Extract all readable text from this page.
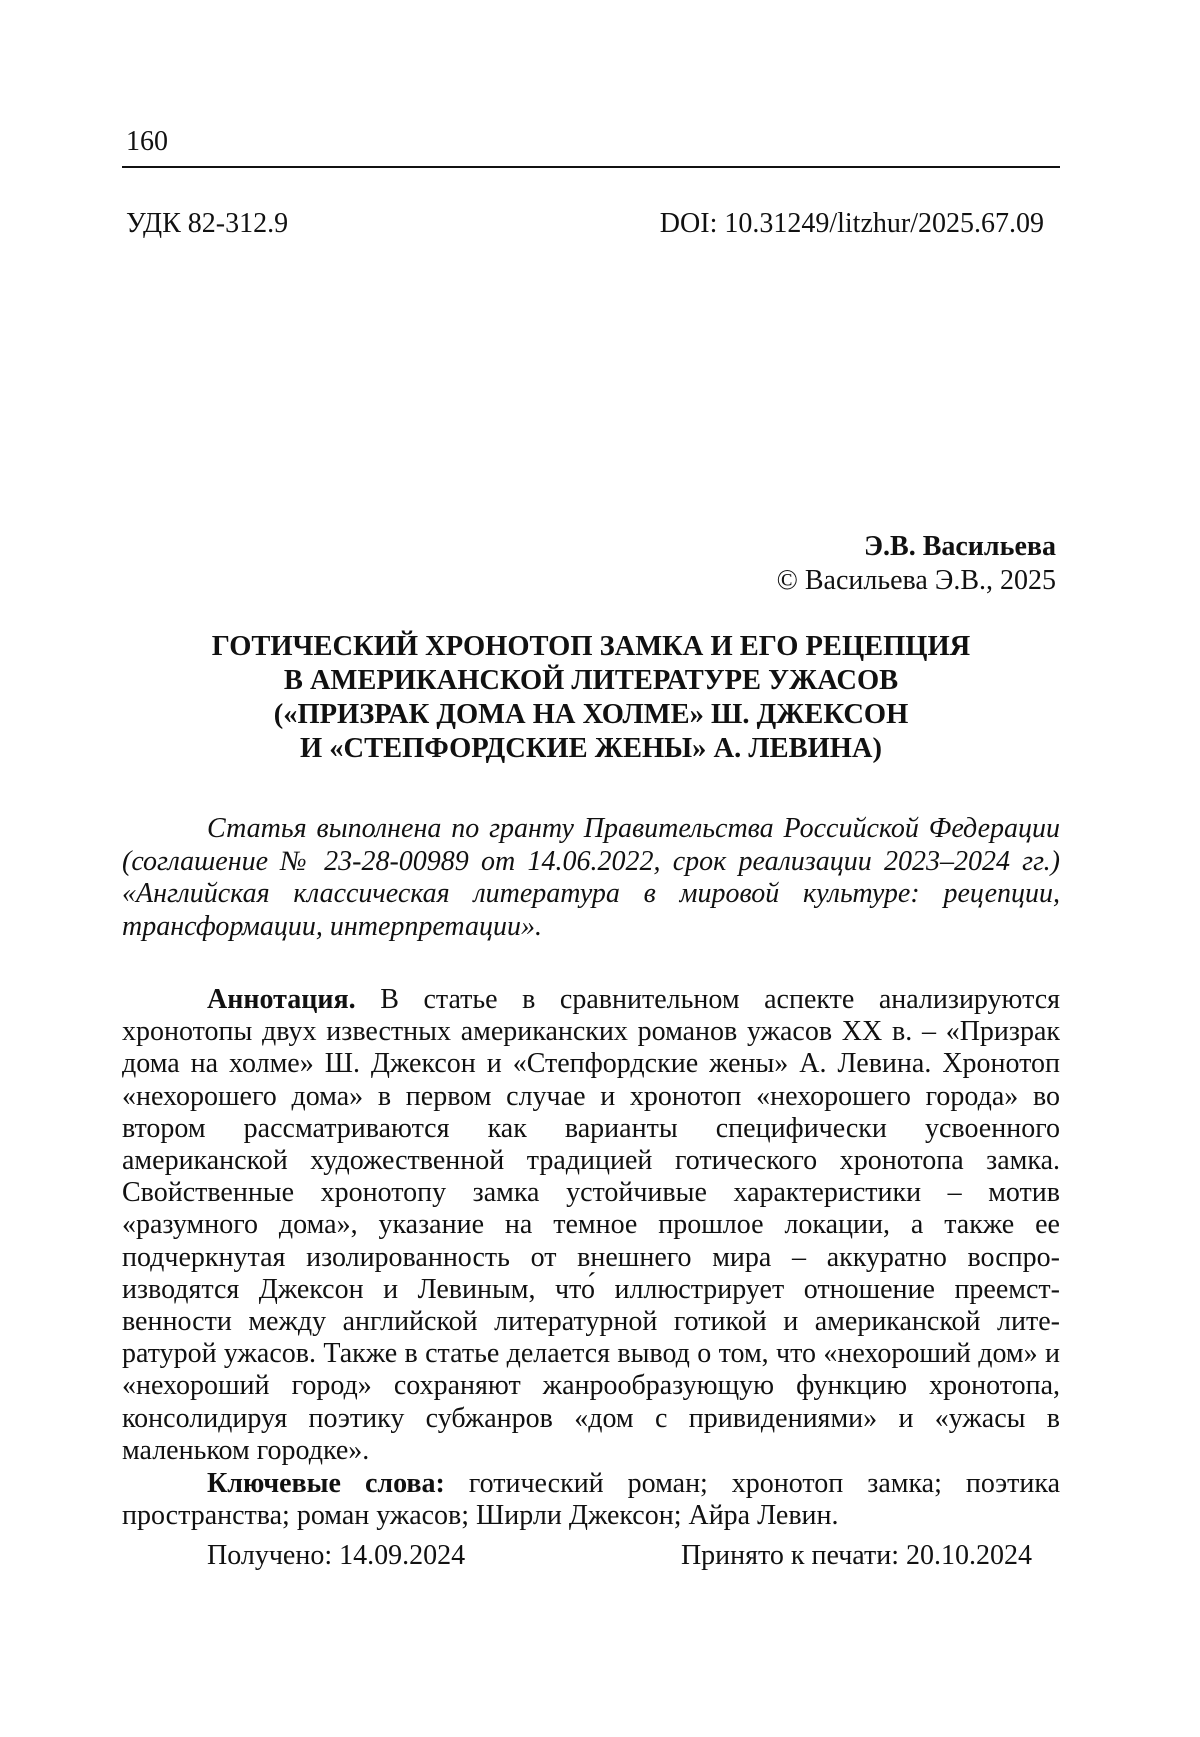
160
УДК 82-312.9	DOI: 10.31249/litzhur/2025.67.09
Э.В. Васильева
© Васильева Э.В., 2025
ГОТИЧЕСКИЙ ХРОНОТОП ЗАМКА И ЕГО РЕЦЕПЦИЯ
В АМЕРИКАНСКОЙ ЛИТЕРАТУРЕ УЖАСОВ
(«ПРИЗРАК ДОМА НА ХОЛМЕ» Ш. ДЖЕКСОН
И «СТЕПФОРДСКИЕ ЖЕНЫ» А. ЛЕВИНА)
Статья выполнена по гранту Правительства Российской Федерации (соглашение № 23-28-00989 от 14.06.2022, срок реализации 2023–2024 гг.) «Английская классическая литература в мировой культуре: рецепции, трансформации, интерпретации».
Аннотация. В статье в сравнительном аспекте анализируются хронотопы двух известных американских романов ужасов XX в. – «Призрак дома на холме» Ш. Джексон и «Степфордские жены» А. Левина. Хронотоп «нехорошего дома» в первом случае и хронотоп «нехорошего города» во втором рассматриваются как варианты специфически усвоенного американской художественной традицией готического хронотопа замка. Свойственные хронотопу замка устойчивые характеристики – мотив «разумного дома», указание на темное прошлое локации, а также ее подчеркнутая изолированность от внешнего мира – аккуратно воспроизводятся Джексон и Левиным, что́ иллюстрирует отношение преемственности между английской литературной готикой и американской литературой ужасов. Также в статье делается вывод о том, что «нехороший дом» и «нехороший город» сохраняют жанрообразующую функцию хронотопа, консолидируя поэтику субжанров «дом с привидениями» и «ужасы в маленьком городке».
Ключевые слова: готический роман; хронотоп замка; поэтика пространства; роман ужасов; Ширли Джексон; Айра Левин.
Получено: 14.09.2024	Принято к печати: 20.10.2024
